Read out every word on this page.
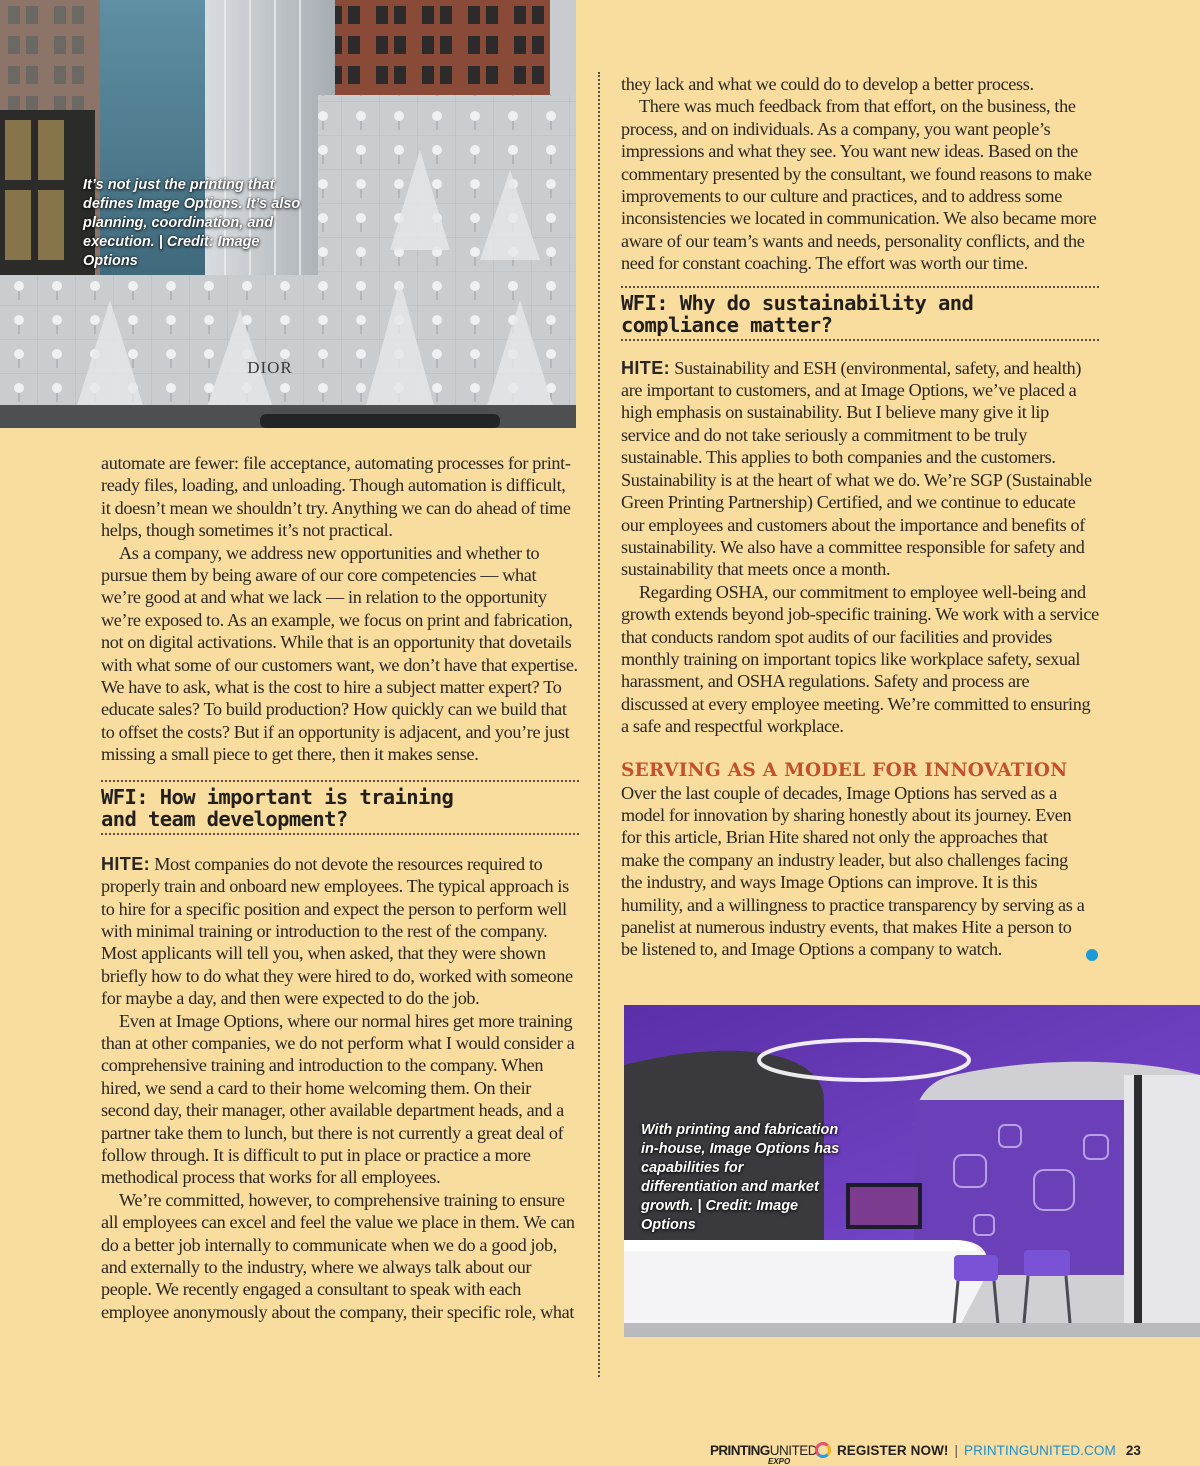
DIOR
It’s not just the printing that defines Image Options. It’s also planning, coordination, and execution. | Credit: Image Options

automate are fewer: file acceptance, automating processes for print-ready files, loading, and unloading. Though automation is difficult, it doesn’t mean we shouldn’t try. Anything we can do ahead of time helps, though sometimes it’s not practical.

As a company, we address new opportunities and whether to pursue them by being aware of our core competencies — what we’re good at and what we lack — in relation to the opportunity we’re exposed to. As an example, we focus on print and fabrication, not on digital activations. While that is an opportunity that dovetails with what some of our customers want, we don’t have that expertise. We have to ask, what is the cost to hire a subject matter expert? To educate sales? To build production? How quickly can we build that to offset the costs? But if an opportunity is adjacent, and you’re just missing a small piece to get there, then it makes sense.

WFI: How important is training and team development?

HITE: Most companies do not devote the resources required to properly train and onboard new employees. The typical approach is to hire for a specific position and expect the person to perform well with minimal training or introduction to the rest of the company. Most applicants will tell you, when asked, that they were shown briefly how to do what they were hired to do, worked with someone for maybe a day, and then were expected to do the job.

Even at Image Options, where our normal hires get more training than at other companies, we do not perform what I would consider a comprehensive training and introduction to the company. When hired, we send a card to their home welcoming them. On their second day, their manager, other available department heads, and a partner take them to lunch, but there is not currently a great deal of follow through. It is difficult to put in place or practice a more methodical process that works for all employees.

We’re committed, however, to comprehensive training to ensure all employees can excel and feel the value we place in them. We can do a better job internally to communicate when we do a good job, and externally to the industry, where we always talk about our people. We recently engaged a consultant to speak with each employee anonymously about the company, their specific role, what

they lack and what we could do to develop a better process.

There was much feedback from that effort, on the business, the process, and on individuals. As a company, you want people’s impressions and what they see. You want new ideas. Based on the commentary presented by the consultant, we found reasons to make improvements to our culture and practices, and to address some inconsistencies we located in communication. We also became more aware of our team’s wants and needs, personality conflicts, and the need for constant coaching. The effort was worth our time.

WFI: Why do sustainability and compliance matter?

HITE: Sustainability and ESH (environmental, safety, and health) are important to customers, and at Image Options, we’ve placed a high emphasis on sustainability. But I believe many give it lip service and do not take seriously a commitment to be truly sustainable. This applies to both companies and the customers. Sustainability is at the heart of what we do. We’re SGP (Sustainable Green Printing Partnership) Certified, and we continue to educate our employees and customers about the importance and benefits of sustainability. We also have a committee responsible for safety and sustainability that meets once a month.

Regarding OSHA, our commitment to employee well-being and growth extends beyond job-specific training. We work with a service that conducts random spot audits of our facilities and provides monthly training on important topics like workplace safety, sexual harassment, and OSHA regulations. Safety and process are discussed at every employee meeting. We’re committed to ensuring a safe and respectful workplace.

SERVING AS A MODEL FOR INNOVATION

Over the last couple of decades, Image Options has served as a model for innovation by sharing honestly about its journey. Even for this article, Brian Hite shared not only the approaches that make the company an industry leader, but also challenges facing the industry, and ways Image Options can improve. It is this humility, and a willingness to practice transparency by serving as a panelist at numerous industry events, that makes Hite a person to be listened to, and Image Options a company to watch.

With printing and fabrication in-house, Image Options has capabilities for differentiation and market growth. | Credit: Image Options
PRINTING UNITED
EXPO
REGISTER NOW! | PRINTINGUNITED.COM 23
